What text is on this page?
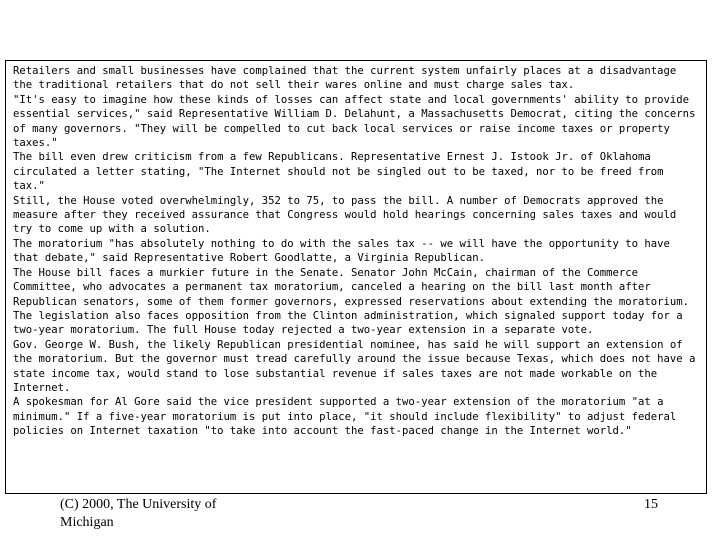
Retailers and small businesses have complained that the current system unfairly places at a disadvantage the traditional retailers that do not sell their wares online and must charge sales tax.

"It's easy to imagine how these kinds of losses can affect state and local governments' ability to provide essential services," said Representative William D. Delahunt, a Massachusetts Democrat, citing the concerns of many governors. "They will be compelled to cut back local services or raise income taxes or property taxes."

The bill even drew criticism from a few Republicans. Representative Ernest J. Istook Jr. of Oklahoma circulated a letter stating, "The Internet should not be singled out to be taxed, nor to be freed from tax."

Still, the House voted overwhelmingly, 352 to 75, to pass the bill. A number of Democrats approved the measure after they received assurance that Congress would hold hearings concerning sales taxes and would try to come up with a solution.

The moratorium "has absolutely nothing to do with the sales tax -- we will have the opportunity to have that debate," said Representative Robert Goodlatte, a Virginia Republican.

The House bill faces a murkier future in the Senate. Senator John McCain, chairman of the Commerce Committee, who advocates a permanent tax moratorium, canceled a hearing on the bill last month after Republican senators, some of them former governors, expressed reservations about extending the moratorium.

The legislation also faces opposition from the Clinton administration, which signaled support today for a two-year moratorium. The full House today rejected a two-year extension in a separate vote.

Gov. George W. Bush, the likely Republican presidential nominee, has said he will support an extension of the moratorium. But the governor must tread carefully around the issue because Texas, which does not have a state income tax, would stand to lose substantial revenue if sales taxes are not made workable on the Internet.

A spokesman for Al Gore said the vice president supported a two-year extension of the moratorium "at a minimum." If a five-year moratorium is put into place, "it should include flexibility" to adjust federal policies on Internet taxation "to take into account the fast-paced change in the Internet world."

(C) 2000, The University of Michigan
15
